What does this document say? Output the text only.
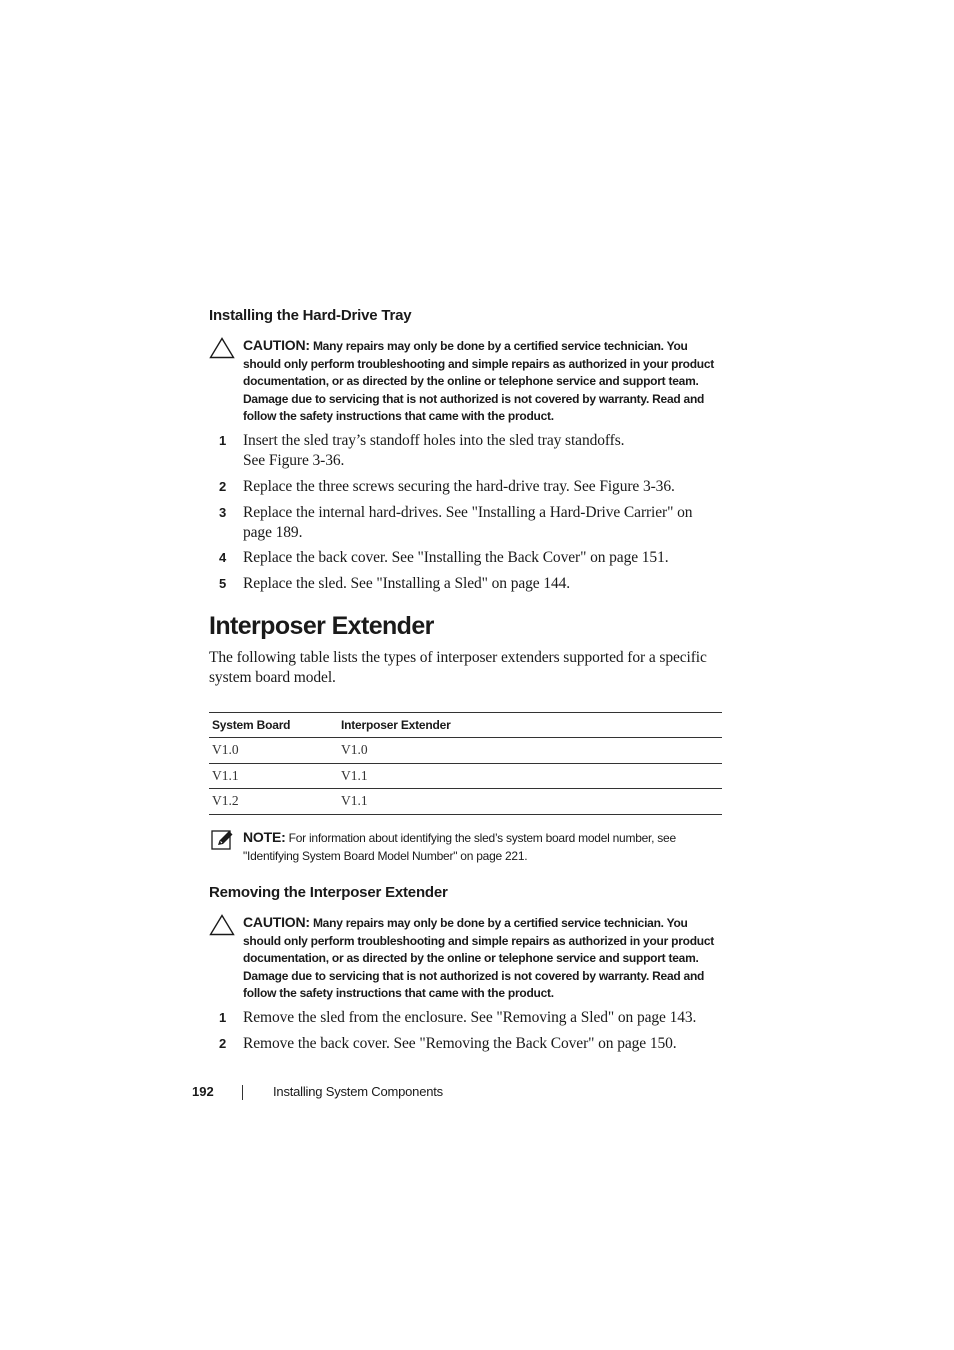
Installing the Hard-Drive Tray
CAUTION: Many repairs may only be done by a certified service technician. You should only perform troubleshooting and simple repairs as authorized in your product documentation, or as directed by the online or telephone service and support team. Damage due to servicing that is not authorized is not covered by warranty. Read and follow the safety instructions that came with the product.
1 Insert the sled tray’s standoff holes into the sled tray standoffs.
See Figure 3-36.
2 Replace the three screws securing the hard-drive tray. See Figure 3-36.
3 Replace the internal hard-drives. See "Installing a Hard-Drive Carrier" on page 189.
4 Replace the back cover. See "Installing the Back Cover" on page 151.
5 Replace the sled. See "Installing a Sled" on page 144.
Interposer Extender
The following table lists the types of interposer extenders supported for a specific system board model.
System Board	Interposer Extender
V1.0	V1.0
V1.1	V1.1
V1.2	V1.1
NOTE: For information about identifying the sled’s system board model number, see "Identifying System Board Model Number" on page 221.
Removing the Interposer Extender
CAUTION: Many repairs may only be done by a certified service technician. You should only perform troubleshooting and simple repairs as authorized in your product documentation, or as directed by the online or telephone service and support team. Damage due to servicing that is not authorized is not covered by warranty. Read and follow the safety instructions that came with the product.
1 Remove the sled from the enclosure. See "Removing a Sled" on page 143.
2 Remove the back cover. See "Removing the Back Cover" on page 150.
192	Installing System Components
